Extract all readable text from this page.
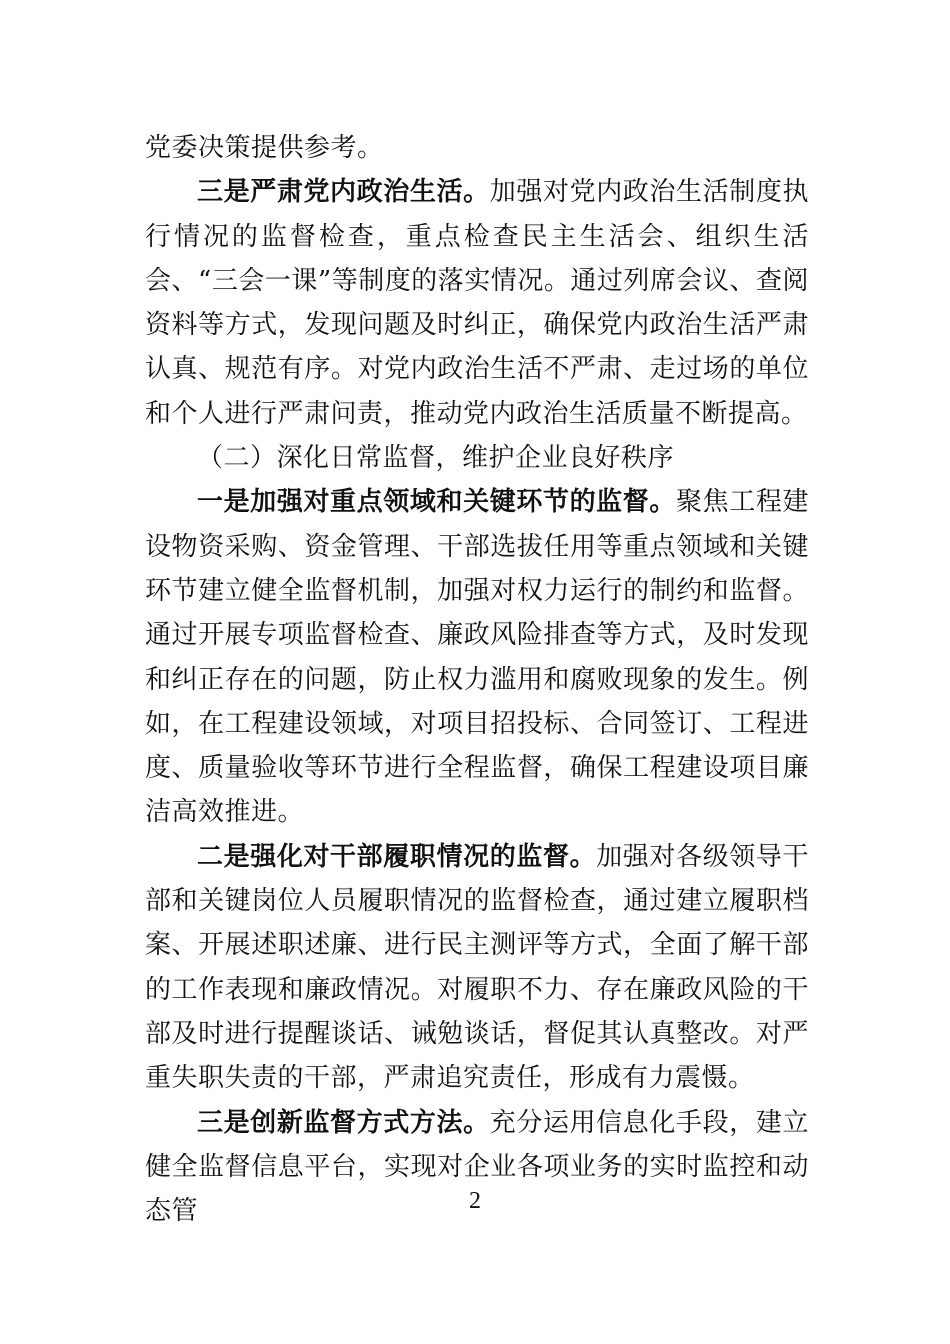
党委决策提供参考。

三是严肃党内政治生活。加强对党内政治生活制度执行情况的监督检查，重点检查民主生活会、组织生活会、“三会一课”等制度的落实情况。通过列席会议、查阅资料等方式，发现问题及时纠正，确保党内政治生活严肃认真、规范有序。对党内政治生活不严肃、走过场的单位和个人进行严肃问责，推动党内政治生活质量不断提高。

（二）深化日常监督，维护企业良好秩序

一是加强对重点领域和关键环节的监督。聚焦工程建设物资采购、资金管理、干部选拔任用等重点领域和关键环节建立健全监督机制，加强对权力运行的制约和监督。通过开展专项监督检查、廉政风险排查等方式，及时发现和纠正存在的问题，防止权力滥用和腐败现象的发生。例如，在工程建设领域，对项目招投标、合同签订、工程进度、质量验收等环节进行全程监督，确保工程建设项目廉洁高效推进。

二是强化对干部履职情况的监督。加强对各级领导干部和关键岗位人员履职情况的监督检查，通过建立履职档案、开展述职述廉、进行民主测评等方式，全面了解干部的工作表现和廉政情况。对履职不力、存在廉政风险的干部及时进行提醒谈话、诫勉谈话，督促其认真整改。对严重失职失责的干部，严肃追究责任，形成有力震慑。

三是创新监督方式方法。充分运用信息化手段，建立健全监督信息平台，实现对企业各项业务的实时监控和动态管	2
